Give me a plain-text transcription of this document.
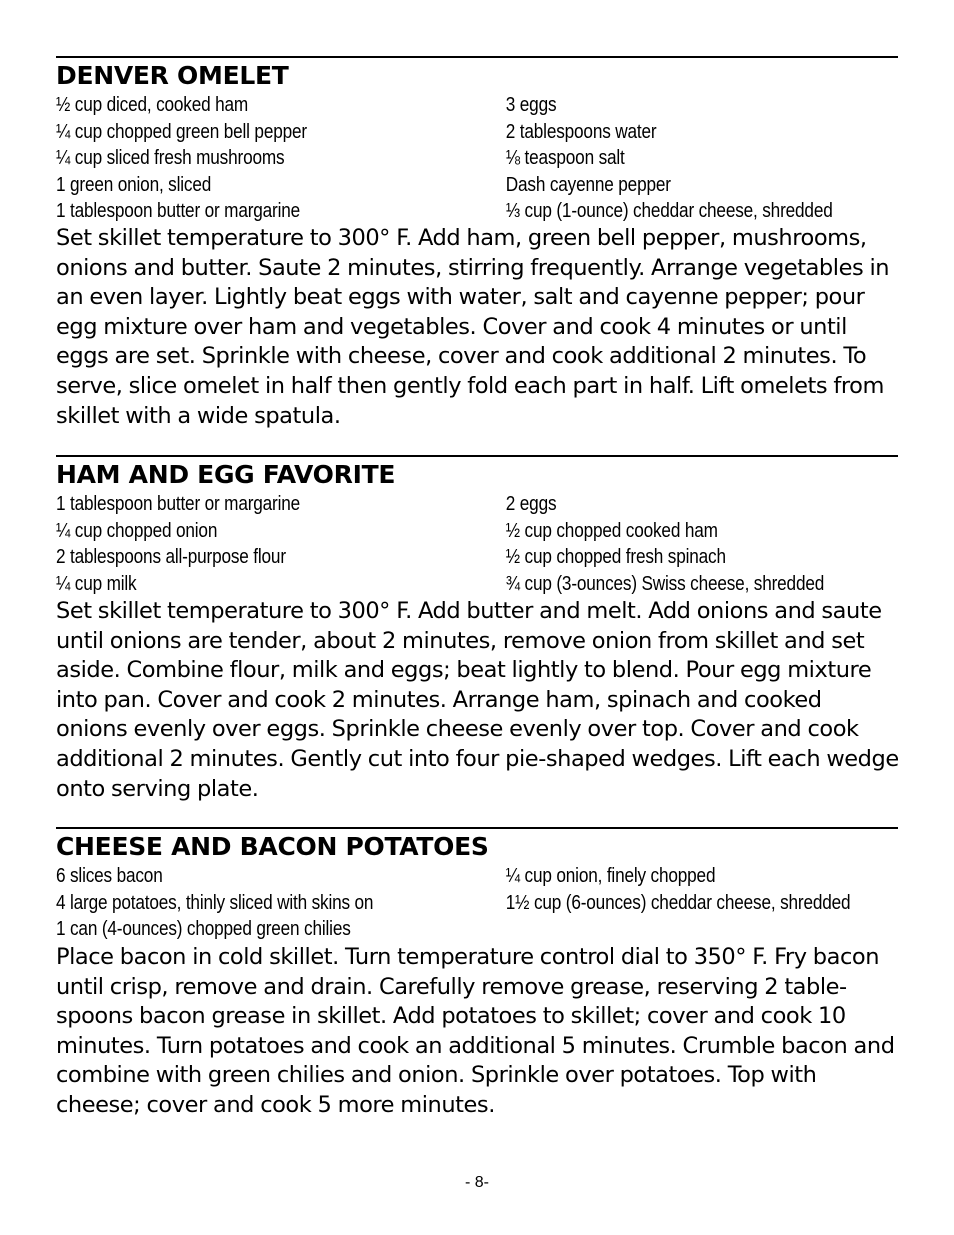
DENVER OMELET
½ cup diced, cooked ham
¼ cup chopped green bell pepper
¼ cup sliced fresh mushrooms
1 green onion, sliced
1 tablespoon butter or margarine
3 eggs
2 tablespoons water
⅛ teaspoon salt
Dash cayenne pepper
⅓ cup (1-ounce) cheddar cheese, shredded
Set skillet temperature to 300° F. Add ham, green bell pepper, mushrooms,
onions and butter. Saute 2 minutes, stirring frequently. Arrange vegetables in
an even layer. Lightly beat eggs with water, salt and cayenne pepper; pour
egg mixture over ham and vegetables. Cover and cook 4 minutes or until
eggs are set. Sprinkle with cheese, cover and cook additional 2 minutes. To
serve, slice omelet in half then gently fold each part in half. Lift omelets from
skillet with a wide spatula.
HAM AND EGG FAVORITE
1 tablespoon butter or margarine
¼ cup chopped onion
2 tablespoons all-purpose flour
¼ cup milk
2 eggs
½ cup chopped cooked ham
½ cup chopped fresh spinach
¾ cup (3-ounces) Swiss cheese, shredded
Set skillet temperature to 300° F. Add butter and melt. Add onions and saute
until onions are tender, about 2 minutes, remove onion from skillet and set
aside. Combine flour, milk and eggs; beat lightly to blend. Pour egg mixture
into pan. Cover and cook 2 minutes. Arrange ham, spinach and cooked
onions evenly over eggs. Sprinkle cheese evenly over top. Cover and cook
additional 2 minutes. Gently cut into four pie-shaped wedges. Lift each wedge
onto serving plate.
CHEESE AND BACON POTATOES
6 slices bacon
4 large potatoes, thinly sliced with skins on
1 can (4-ounces) chopped green chilies
¼ cup onion, finely chopped
1½ cup (6-ounces) cheddar cheese, shredded
Place bacon in cold skillet. Turn temperature control dial to 350° F. Fry bacon
until crisp, remove and drain. Carefully remove grease, reserving 2 table-
spoons bacon grease in skillet. Add potatoes to skillet; cover and cook 10
minutes. Turn potatoes and cook an additional 5 minutes. Crumble bacon and
combine with green chilies and onion. Sprinkle over potatoes. Top with
cheese; cover and cook 5 more minutes.
- 8-
